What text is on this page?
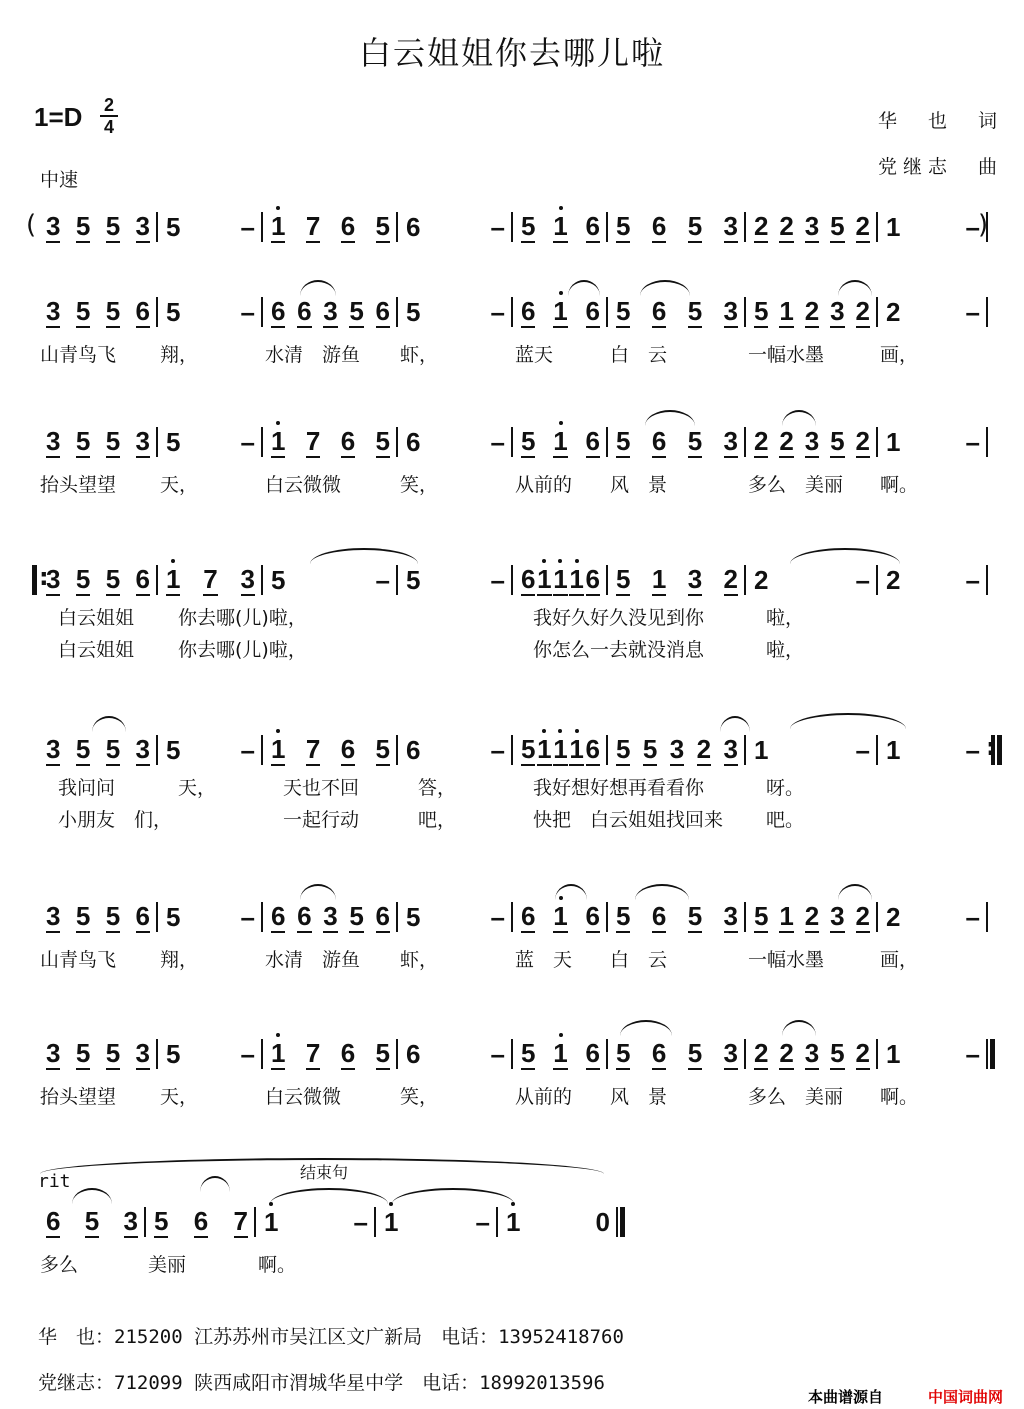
白云姐姐你去哪儿啦
1=D 2
4
中速
华　也　词
党继志　曲
3 5 5 3 5 – 1 7 6 5 6	– 5 1 6 5 6 5 3 2 2 3 5 2 1	–
(	)
3 5 5 6 5 – 6 6 3 5 6 5	– 6 1 6 5 6 5 3 5 1 2 3 2 2	–
山青鸟飞 翔，	水清　游鱼 虾，	蓝天	白　云	一幅水墨	画，
3 5 5 3 5 – 1 7 6 5 6	– 5 1 6 5 6 5 3 2 2 3 5 2 1	–
抬头望望 天，	白云微微	笑，	从前的 风　景	多么　美丽 啊。
3 5 5 6 1 7 3 5	– 5	– 6 1 1 1 6 5 1 3 2 2	– 2	–
:
白云姐姐 你去哪(儿)啦，	我好久好久 没见到你	啦，
白云姐姐 你去哪(儿)啦，	你怎么一去 就没消息	啦，
3 5 5 3 5 – 1 7 6 5 6	– 5 1 1 1 6 5 5 3 2 3 1	– 1	–
:
我问问	天，	天也不回	答，	我好想好想 再看看你	呀。
小朋友　们，	一起行动	吧，	快把　白云 姐姐找回来 吧。
3 5 5 6 5 – 6 6 3 5 6 5	– 6 1 6 5 6 5 3 5 1 2 3 2 2	–
山青鸟飞 翔，	水清　游鱼 虾，	蓝　天 白　云	一幅水墨	画，
3 5 5 3 5 – 1 7 6 5 6	– 5 1 6 5 6 5 3 2 2 3 5 2 1	–
抬头望望 天，	白云微微	笑，	从前的 风　景	多么　美丽 啊。
6 5 3 5 6 7 1	– 1	– 1	0
多么	美丽	啊。
rit	结束句
华　也：215200 江苏苏州市吴江区文广新局　电话：13952418760
党继志：712099 陕西咸阳市渭城华星中学　电话：18992013596
本曲谱源自	中国词曲网
